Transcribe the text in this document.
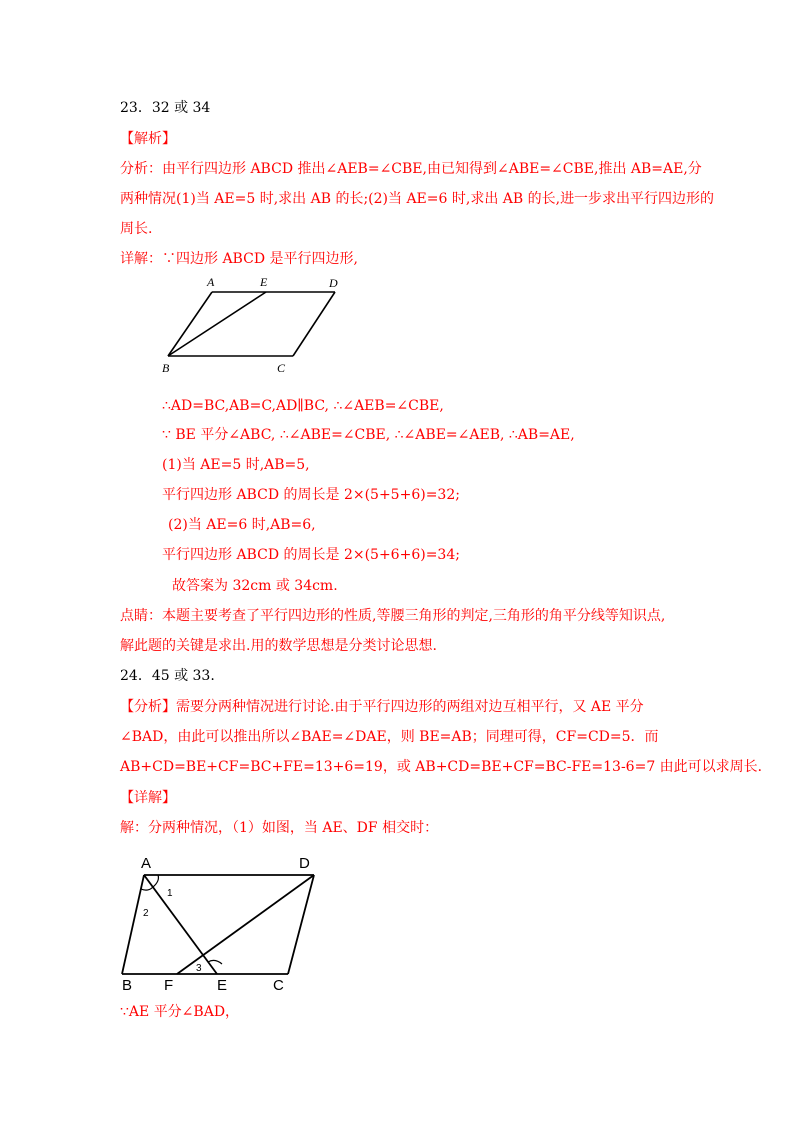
23．32 或 34
【解析】
分析：由平行四边形 ABCD 推出∠AEB=∠CBE,由已知得到∠ABE=∠CBE,推出 AB=AE,分
两种情况(1)当 AE=5 时,求出 AB 的长;(2)当 AE=6 时,求出 AB 的长,进一步求出平行四边形的
周长.
详解：∵四边形 ABCD 是平行四边形,
A	E	D
B	C
∴AD=BC,AB=C,AD∥BC, ∴∠AEB=∠CBE,
∵ BE 平分∠ABC, ∴∠ABE=∠CBE, ∴∠ABE=∠AEB, ∴AB=AE,
(1)当 AE=5 时,AB=5,
平行四边形 ABCD 的周长是 2×(5+5+6)=32;
(2)当 AE=6 时,AB=6,
平行四边形 ABCD 的周长是 2×(5+6+6)=34;
故答案为 32cm 或 34cm.
点睛：本题主要考查了平行四边形的性质,等腰三角形的判定,三角形的角平分线等知识点,
解此题的关键是求出.用的数学思想是分类讨论思想.
24．45 或 33.
【分析】需要分两种情况进行讨论.由于平行四边形的两组对边互相平行，又 AE 平分
∠BAD，由此可以推出所以∠BAE=∠DAE，则 BE=AB；同理可得，CF=CD=5．而
AB+CD=BE+CF=BC+FE=13+6=19，或 AB+CD=BE+CF=BC-FE=13-6=7 由此可以求周长．
【详解】
解：分两种情况，（1）如图，当 AE、DF 相交时：
A	D
B F	E	C
1
2
3
∵AE 平分∠BAD，
